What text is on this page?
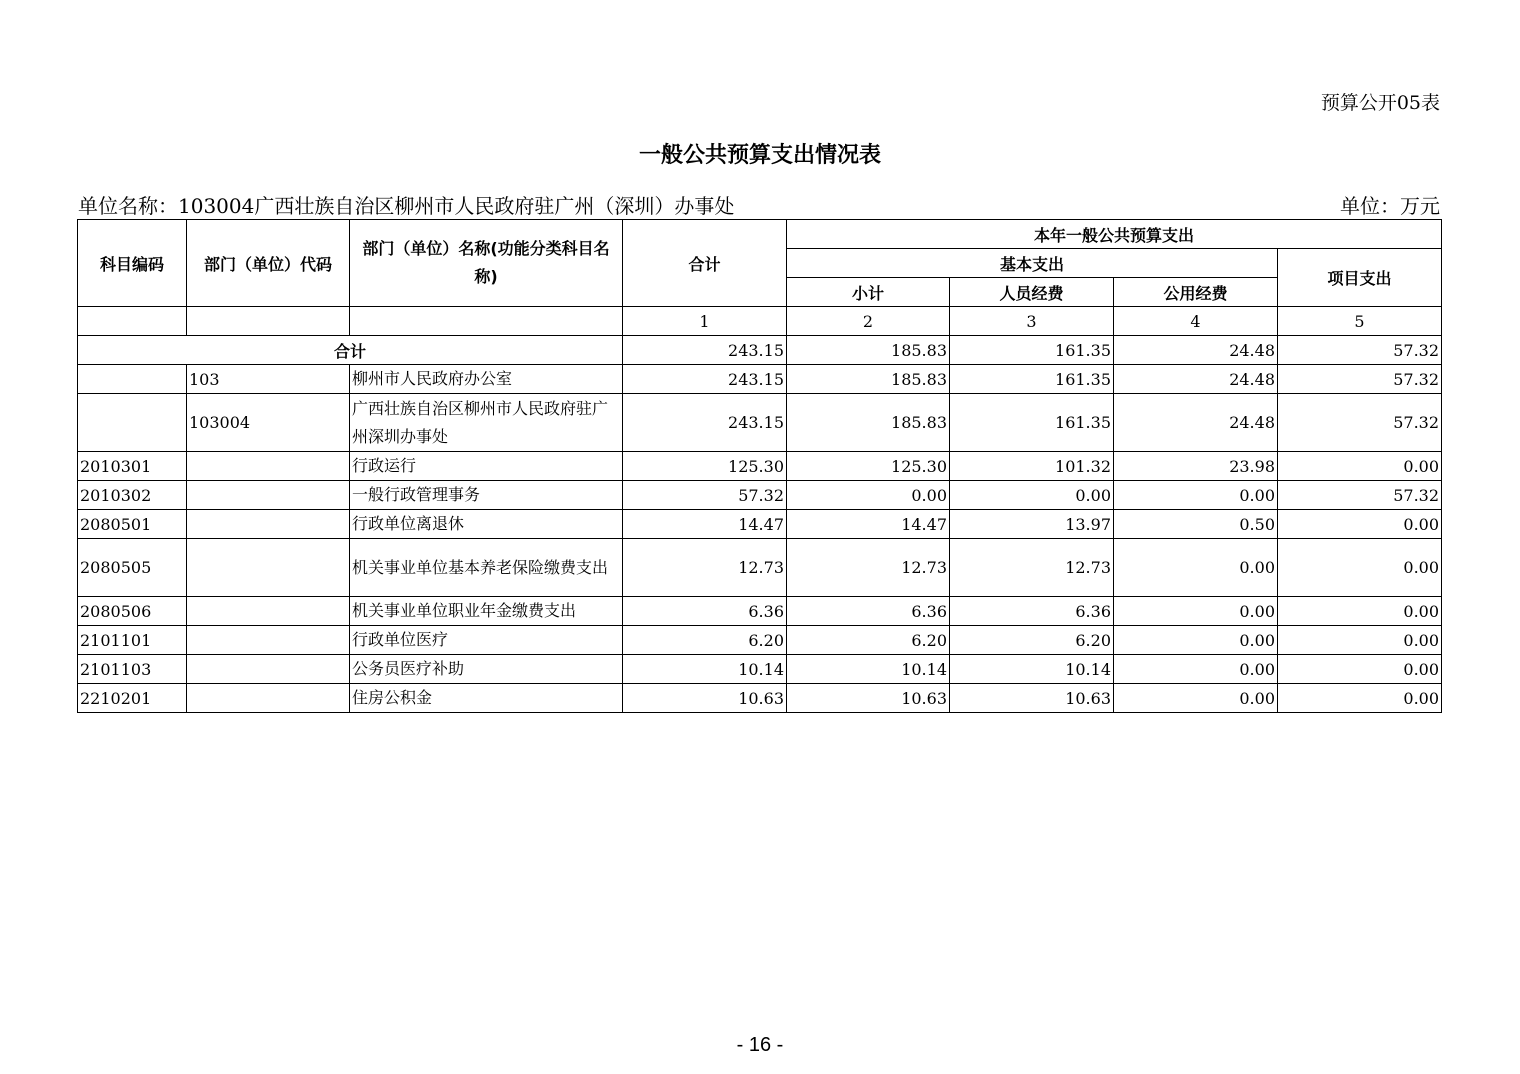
预算公开05表
一般公共预算支出情况表
单位名称：103004广西壮族自治区柳州市人民政府驻广州（深圳）办事处	单位：万元
科目编码	部门（单位）代码	部门（单位）名称(功能分类科目名称)	合计	本年一般公共预算支出			
				基本支出			项目支出
				小计	人员经费	公用经费	
			1	2	3	4	5
合计			243.15	185.83	161.35	24.48	57.32
	103	柳州市人民政府办公室	243.15	185.83	161.35	24.48	57.32
	103004	广西壮族自治区柳州市人民政府驻广州深圳办事处	243.15	185.83	161.35	24.48	57.32
2010301		行政运行	125.30	125.30	101.32	23.98	0.00
2010302		一般行政管理事务	57.32	0.00	0.00	0.00	57.32
2080501		行政单位离退休	14.47	14.47	13.97	0.50	0.00
2080505		机关事业单位基本养老保险缴费支出	12.73	12.73	12.73	0.00	0.00
2080506		机关事业单位职业年金缴费支出	6.36	6.36	6.36	0.00	0.00
2101101		行政单位医疗	6.20	6.20	6.20	0.00	0.00
2101103		公务员医疗补助	10.14	10.14	10.14	0.00	0.00
2210201		住房公积金	10.63	10.63	10.63	0.00	0.00
- 16 -
